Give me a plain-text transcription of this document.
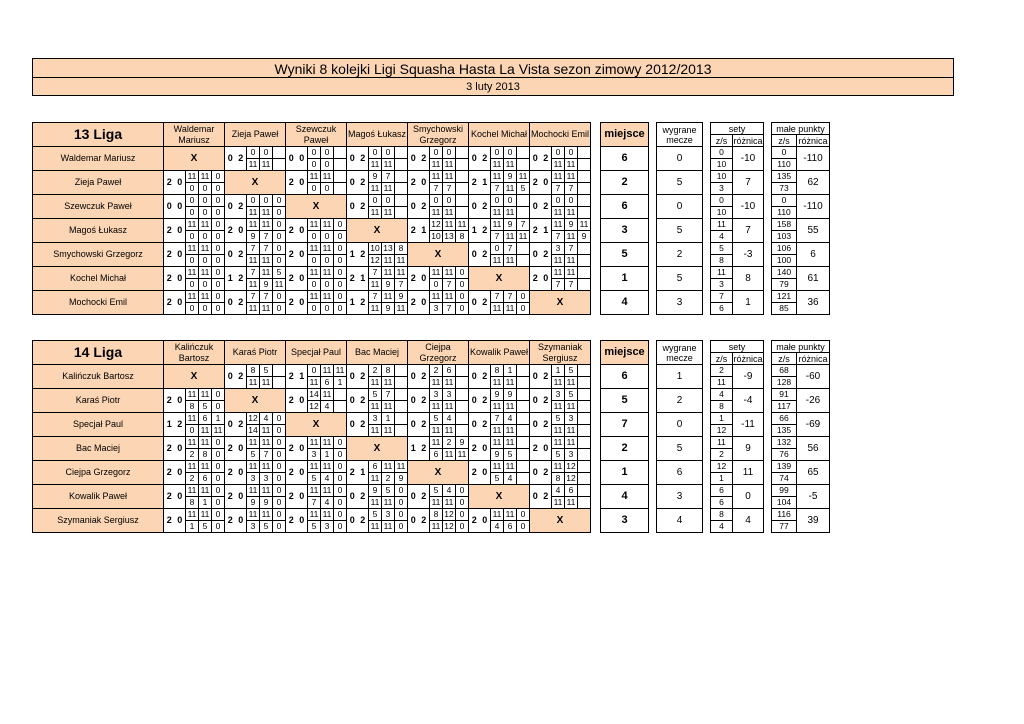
Wyniki 8 kolejki Ligi Squasha Hasta La Vista sezon zimowy 2012/2013
3 luty 2013
13 Liga	Waldemar Mariusz					Zieja Paweł					Szewczuk Paweł					Magoś Łukasz					Smychowski Grzegorz					Kochel Michał					Mochocki Emil						miejsce		wygrane mecze		sety			małe punkty	
																																									z/s	różnica		z/s	różnica
Waldemar Mariusz	X					0	2	0	0		0	0	0	0		0	2	0	0		0	2	0	0		0	2	0	0		0	2	0	0			6		0		0	-10		0	-110
								11	11				0	0				11	11				11	11				11	11				11	11							10			110	
Zieja Paweł	2	0	11	11	0	X					2	0	11	11		0	2	9	7		2	0	11	11		2	1	11	9	11	2	0	11	11			2		5		10	7		135	62
			0	0	0								0	0				11	11				7	7				7	11	5			7	7							3			73	
Szewczuk Paweł	0	0	0	0	0	0	2	0	0	0	X					0	2	0	0		0	2	0	0		0	2	0	0		0	2	0	0			6		0		0	-10		0	-110
			0	0	0			11	11	0								11	11				11	11				11	11				11	11							10			110	
Magoś Łukasz	2	0	11	11	0	2	0	11	11	0	2	0	11	11	0	X					2	1	12	11	11	1	2	11	9	7	2	1	11	9	11		3		5		11	7		158	55
			0	0	0			9	7	0			0	0	0								10	13	8			7	11	11			7	11	9						4			103	
Smychowski Grzegorz	2	0	11	11	0	0	2	7	7	0	2	0	11	11	0	1	2	10	13	8	X					0	2	0	7		0	2	3	7			5		2		5	-3		106	6
			0	0	0			11	11	0			0	0	0			12	11	11								11	11				11	11							8			100	
Kochel Michał	2	0	11	11	0	1	2	7	11	5	2	0	11	11	0	2	1	7	11	11	2	0	11	11	0	X					2	0	11	11			1		5		11	8		140	61
			0	0	0			11	9	11			0	0	0			11	9	7			0	7	0								7	7							3			79	
Mochocki Emil	2	0	11	11	0	0	2	7	7	0	2	0	11	11	0	1	2	7	11	9	2	0	11	11	0	0	2	7	7	0	X						4		3		7	1		121	36
			0	0	0			11	11	0			0	0	0			11	9	11			3	7	0			11	11	0											6			85	
14 Liga	Kalińczuk Bartosz					Karaś Piotr					Specjał Paul					Bac Maciej					Ciejpa Grzegorz					Kowalik Paweł					Szymaniak Sergiusz						miejsce		wygrane mecze		sety			małe punkty	
																																									z/s	różnica		z/s	różnica
Kalińczuk Bartosz	X					0	2	8	5		2	1	0	11	11	0	2	2	8		0	2	2	6		0	2	8	1		0	2	1	5			6		1		2	-9		68	-60
								11	11				11	6	1			11	11				11	11				11	11				11	11							11			128	
Karaś Piotr	2	0	11	11	0	X					2	0	14	11		0	2	5	7		0	2	3	3		0	2	9	9		0	2	3	5			5		2		4	-4		91	-26
			8	5	0								12	4				11	11				11	11				11	11				11	11							8			117	
Specjał Paul	1	2	11	6	1	0	2	12	4	0	X					0	2	3	1		0	2	5	4		0	2	7	4		0	2	5	3			7		0		1	-11		66	-69
			0	11	11			14	11	0								11	11				11	11				11	11				11	11							12			135	
Bac Maciej	2	0	11	11	0	2	0	11	11	0	2	0	11	11	0	X					1	2	11	2	9	2	0	11	11		2	0	11	11			2		5		11	9		132	56
			2	8	0			5	7	0			3	1	0								6	11	11			9	5				5	3							2			76	
Ciejpa Grzegorz	2	0	11	11	0	2	0	11	11	0	2	0	11	11	0	2	1	6	11	11	X					2	0	11	11		0	2	11	12			1		6		12	11		139	65
			2	6	0			3	3	0			5	4	0			11	2	9								5	4				8	12							1			74	
Kowalik Paweł	2	0	11	11	0	2	0	11	11	0	2	0	11	11	0	0	2	9	5	0	0	2	5	4	0	X					0	2	4	6			4		3		6	0		99	-5
			8	1	0			9	9	0			7	4	0			11	11	0			11	11	0								11	11							6			104	
Szymaniak Sergiusz	2	0	11	11	0	2	0	11	11	0	2	0	11	11	0	0	2	5	3	0	0	2	8	12	0	2	0	11	11	0	X						3		4		8	4		116	39
			1	5	0			3	5	0			5	3	0			11	11	0			11	12	0			4	6	0											4			77	
